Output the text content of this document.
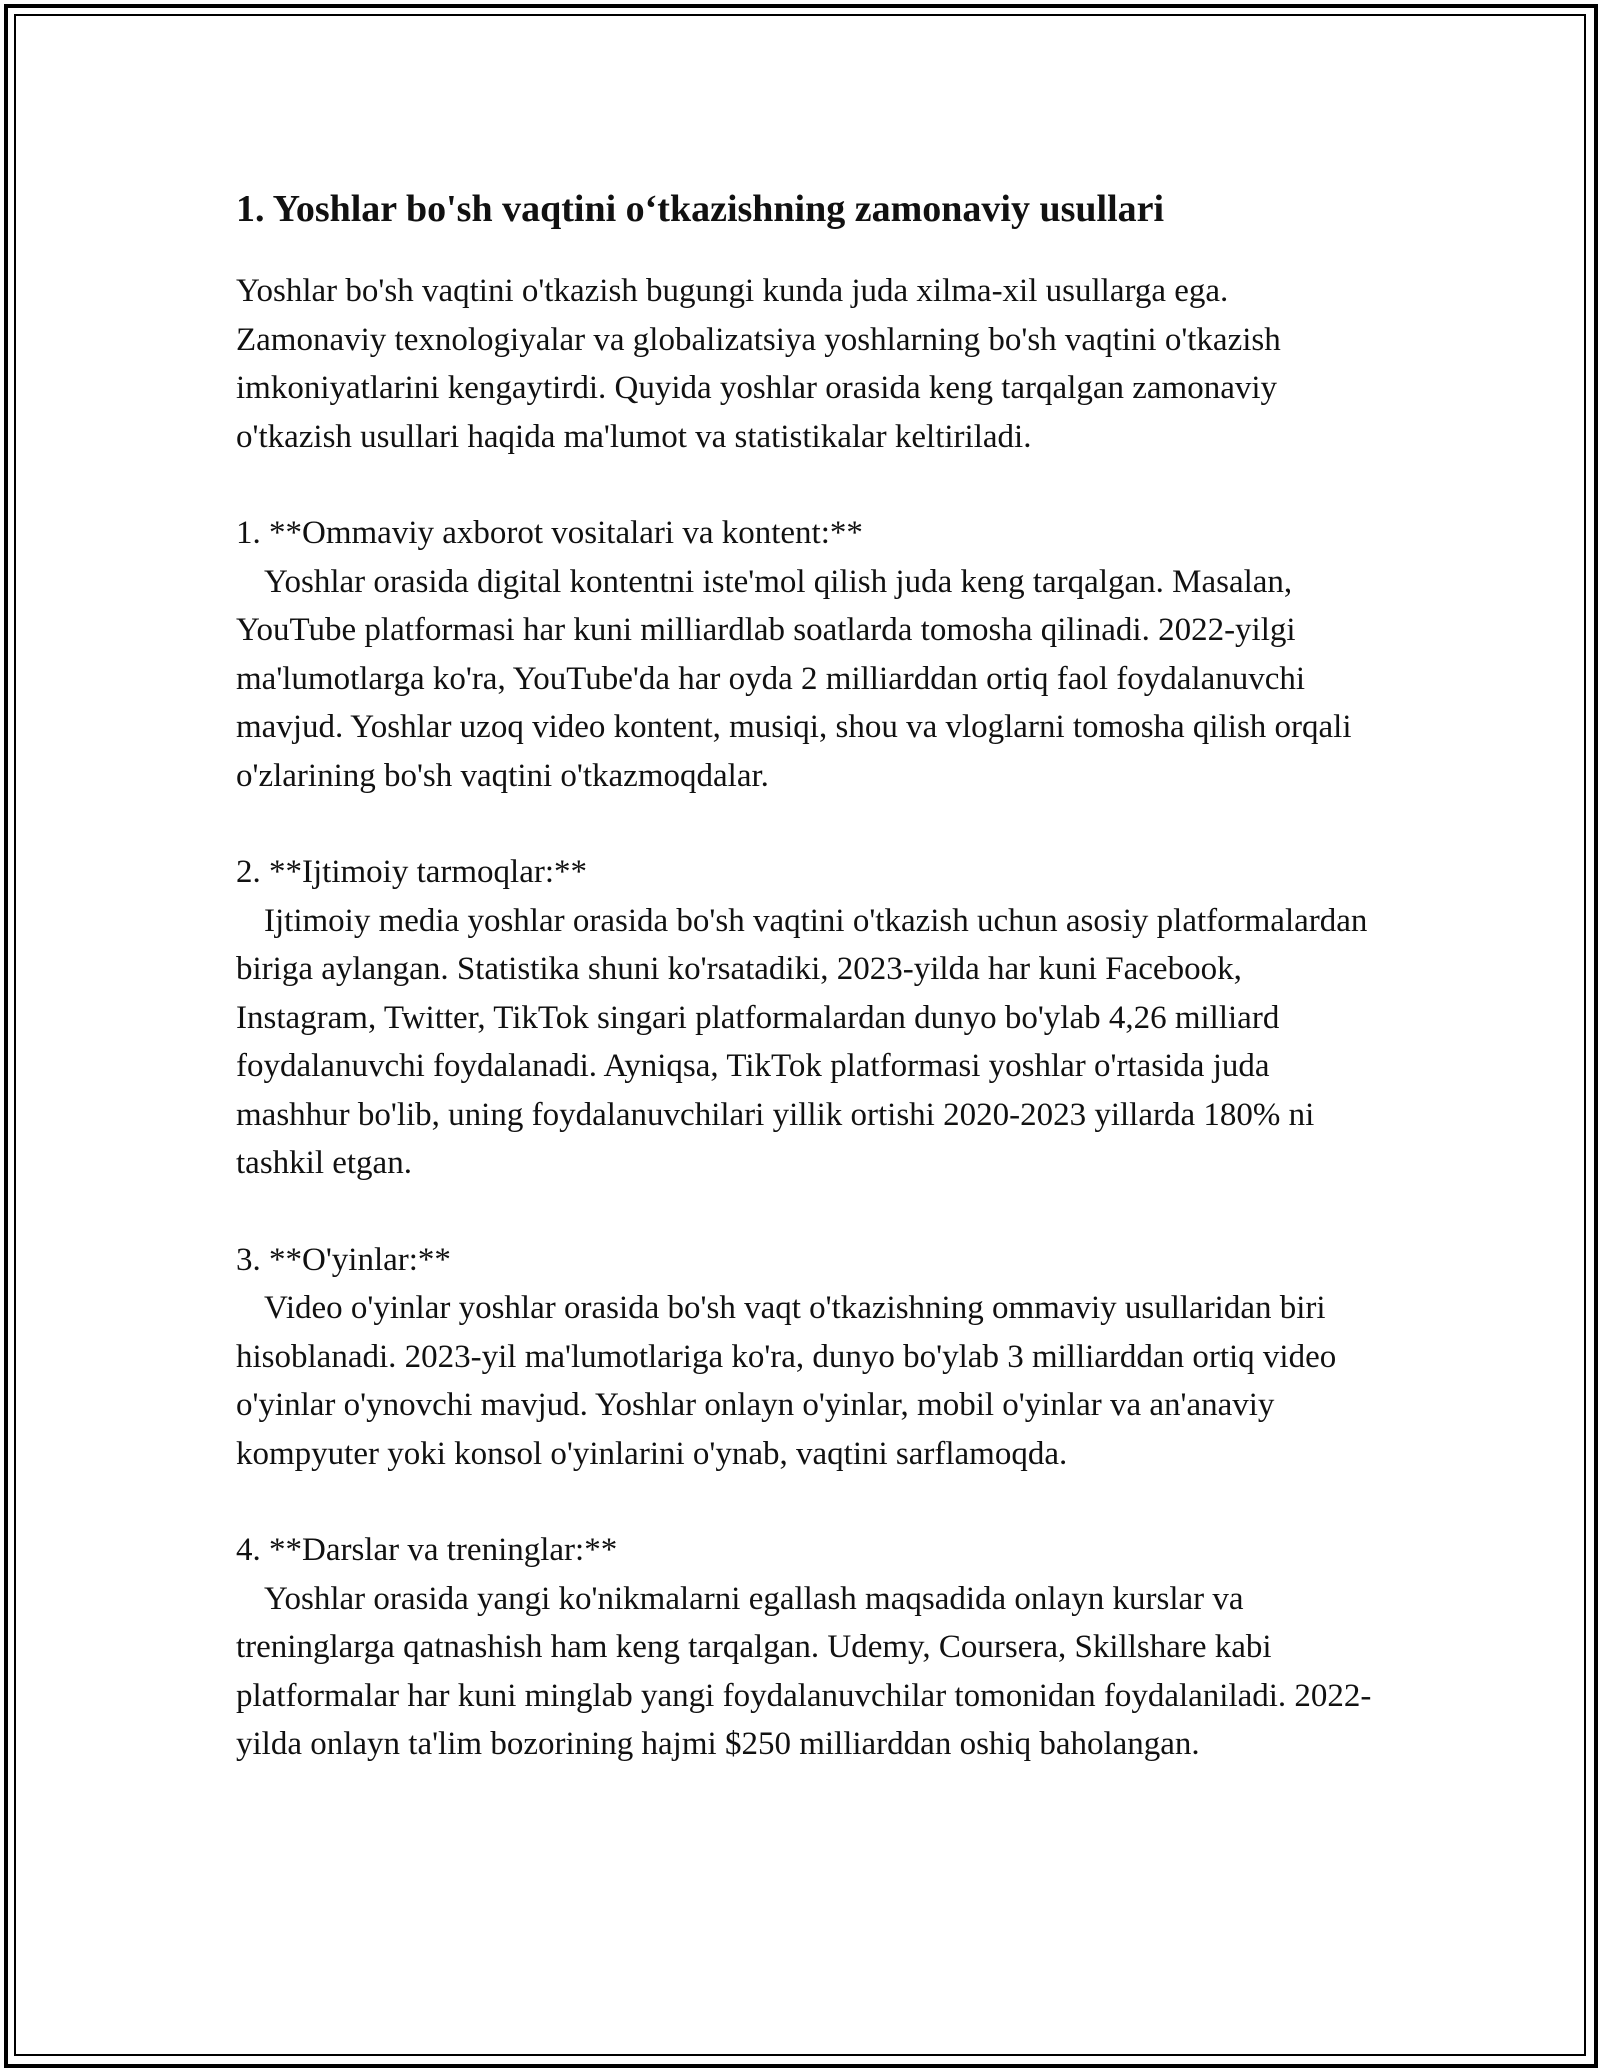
1. Yoshlar bo'sh vaqtini o‘tkazishning zamonaviy usullari

Yoshlar bo'sh vaqtini o'tkazish bugungi kunda juda xilma-xil usullarga ega. Zamonaviy texnologiyalar va globalizatsiya yoshlarning bo'sh vaqtini o'tkazish imkoniyatlarini kengaytirdi. Quyida yoshlar orasida keng tarqalgan zamonaviy o'tkazish usullari haqida ma'lumot va statistikalar keltiriladi.

1. **Ommaviy axborot vositalari va kontent:**

Yoshlar orasida digital kontentni iste'mol qilish juda keng tarqalgan. Masalan, YouTube platformasi har kuni milliardlab soatlarda tomosha qilinadi. 2022-yilgi ma'lumotlarga ko'ra, YouTube'da har oyda 2 milliarddan ortiq faol foydalanuvchi mavjud. Yoshlar uzoq video kontent, musiqi, shou va vloglarni tomosha qilish orqali o'zlarining bo'sh vaqtini o'tkazmoqdalar.

2. **Ijtimoiy tarmoqlar:**

Ijtimoiy media yoshlar orasida bo'sh vaqtini o'tkazish uchun asosiy platformalardan biriga aylangan. Statistika shuni ko'rsatadiki, 2023-yilda har kuni Facebook, Instagram, Twitter, TikTok singari platformalardan dunyo bo'ylab 4,26 milliard foydalanuvchi foydalanadi. Ayniqsa, TikTok platformasi yoshlar o'rtasida juda mashhur bo'lib, uning foydalanuvchilari yillik ortishi 2020-2023 yillarda 180% ni tashkil etgan.

3. **O'yinlar:**

Video o'yinlar yoshlar orasida bo'sh vaqt o'tkazishning ommaviy usullaridan biri hisoblanadi. 2023-yil ma'lumotlariga ko'ra, dunyo bo'ylab 3 milliarddan ortiq video o'yinlar o'ynovchi mavjud. Yoshlar onlayn o'yinlar, mobil o'yinlar va an'anaviy kompyuter yoki konsol o'yinlarini o'ynab, vaqtini sarflamoqda.

4. **Darslar va treninglar:**

Yoshlar orasida yangi ko'nikmalarni egallash maqsadida onlayn kurslar va treninglarga qatnashish ham keng tarqalgan. Udemy, Coursera, Skillshare kabi platformalar har kuni minglab yangi foydalanuvchilar tomonidan foydalaniladi. 2022-yilda onlayn ta'lim bozorining hajmi $250 milliarddan oshiq baholangan.
